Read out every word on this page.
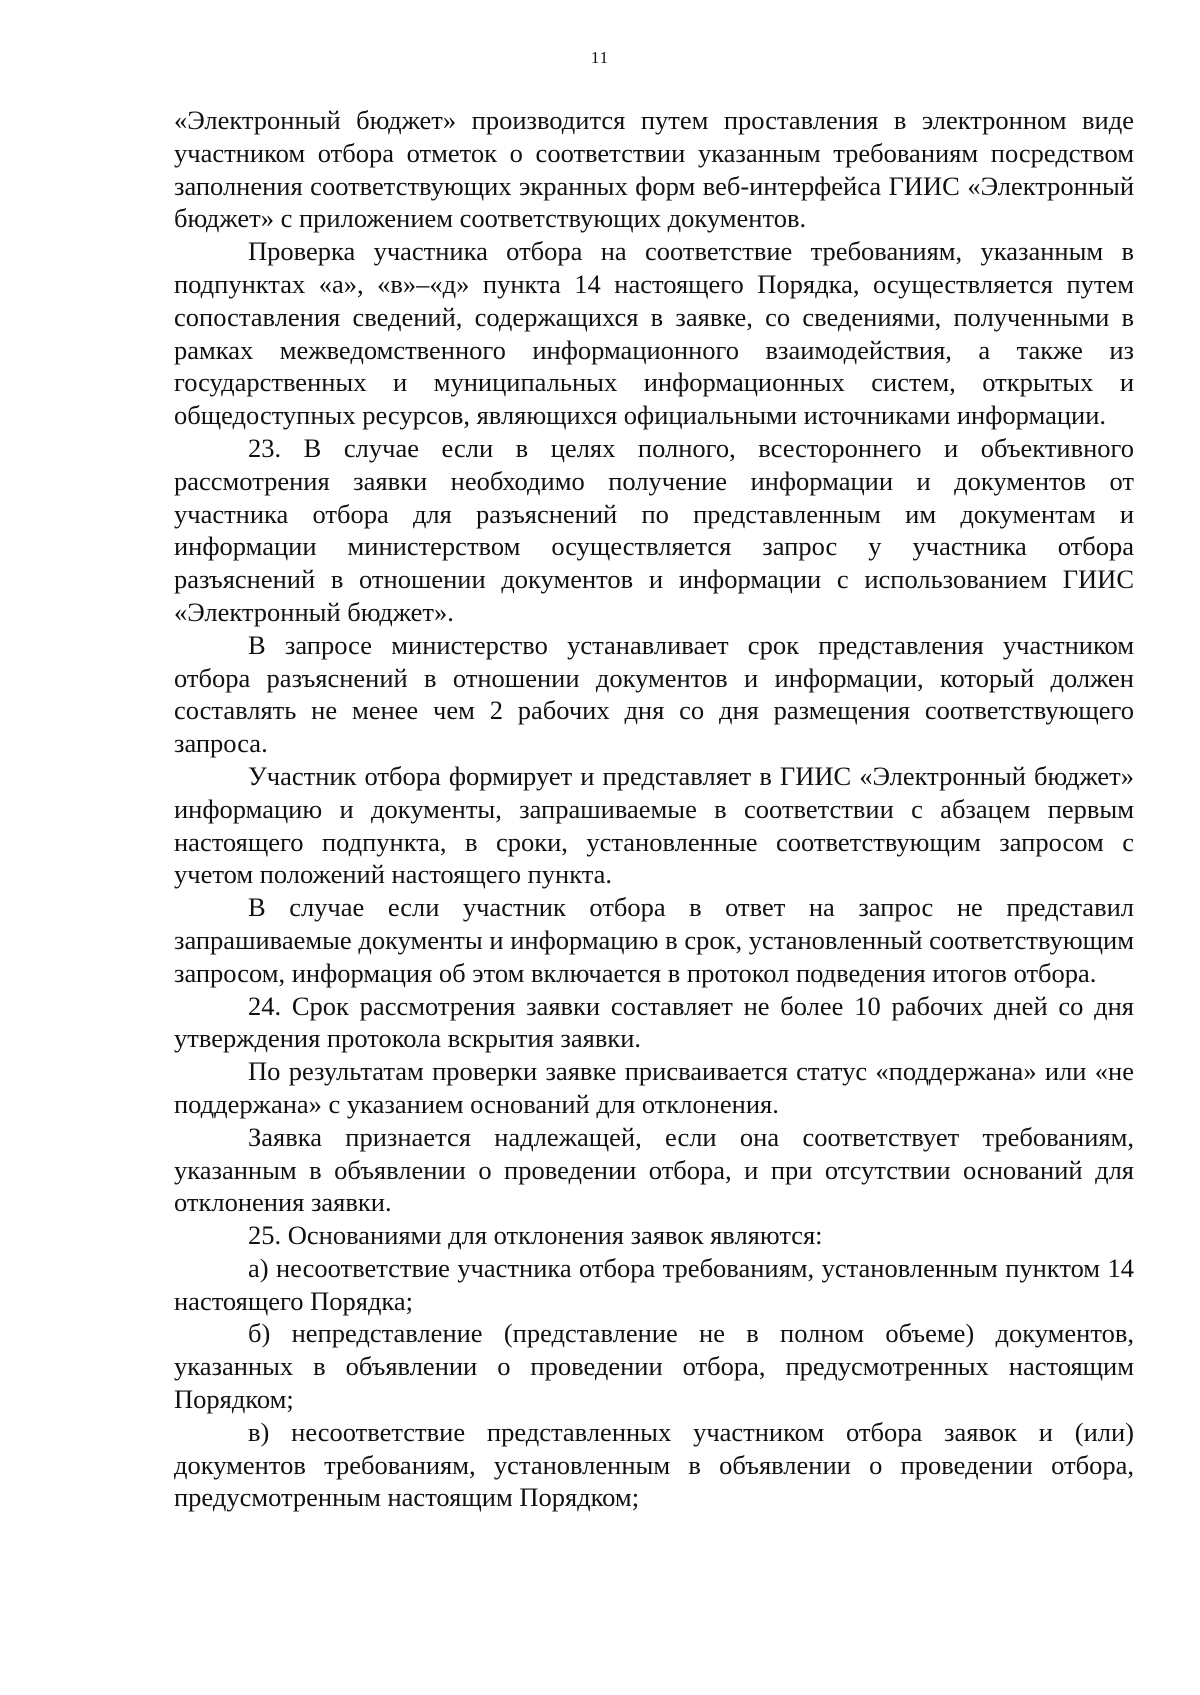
11

«Электронный бюджет» производится путем проставления в электронном виде участником отбора отметок о соответствии указанным требованиям посредством заполнения соответствующих экранных форм веб-интерфейса ГИИС «Электронный бюджет» с приложением соответствующих документов.

Проверка участника отбора на соответствие требованиям, указанным в подпунктах «а», «в»–«д» пункта 14 настоящего Порядка, осуществляется путем сопоставления сведений, содержащихся в заявке, со сведениями, полученными в рамках межведомственного информационного взаимодействия, а также из государственных и муниципальных информационных систем, открытых и общедоступных ресурсов, являющихся официальными источниками информации.

23. В случае если в целях полного, всестороннего и объективного рассмотрения заявки необходимо получение информации и документов от участника отбора для разъяснений по представленным им документам и информации министерством осуществляется запрос у участника отбора разъяснений в отношении документов и информации с использованием ГИИС «Электронный бюджет».

В запросе министерство устанавливает срок представления участником отбора разъяснений в отношении документов и информации, который должен составлять не менее чем 2 рабочих дня со дня размещения соответствующего запроса.

Участник отбора формирует и представляет в ГИИС «Электронный бюджет» информацию и документы, запрашиваемые в соответствии с абзацем первым настоящего подпункта, в сроки, установленные соответствующим запросом с учетом положений настоящего пункта.

В случае если участник отбора в ответ на запрос не представил запрашиваемые документы и информацию в срок, установленный соответствующим запросом, информация об этом включается в протокол подведения итогов отбора.

24. Срок рассмотрения заявки составляет не более 10 рабочих дней со дня утверждения протокола вскрытия заявки.

По результатам проверки заявке присваивается статус «поддержана» или «не поддержана» с указанием оснований для отклонения.

Заявка признается надлежащей, если она соответствует требованиям, указанным в объявлении о проведении отбора, и при отсутствии оснований для отклонения заявки.

25. Основаниями для отклонения заявок являются:

а) несоответствие участника отбора требованиям, установленным пунктом 14 настоящего Порядка;

б) непредставление (представление не в полном объеме) документов, указанных в объявлении о проведении отбора, предусмотренных настоящим Порядком;

в) несоответствие представленных участником отбора заявок и (или) документов требованиям, установленным в объявлении о проведении отбора, предусмотренным настоящим Порядком;
